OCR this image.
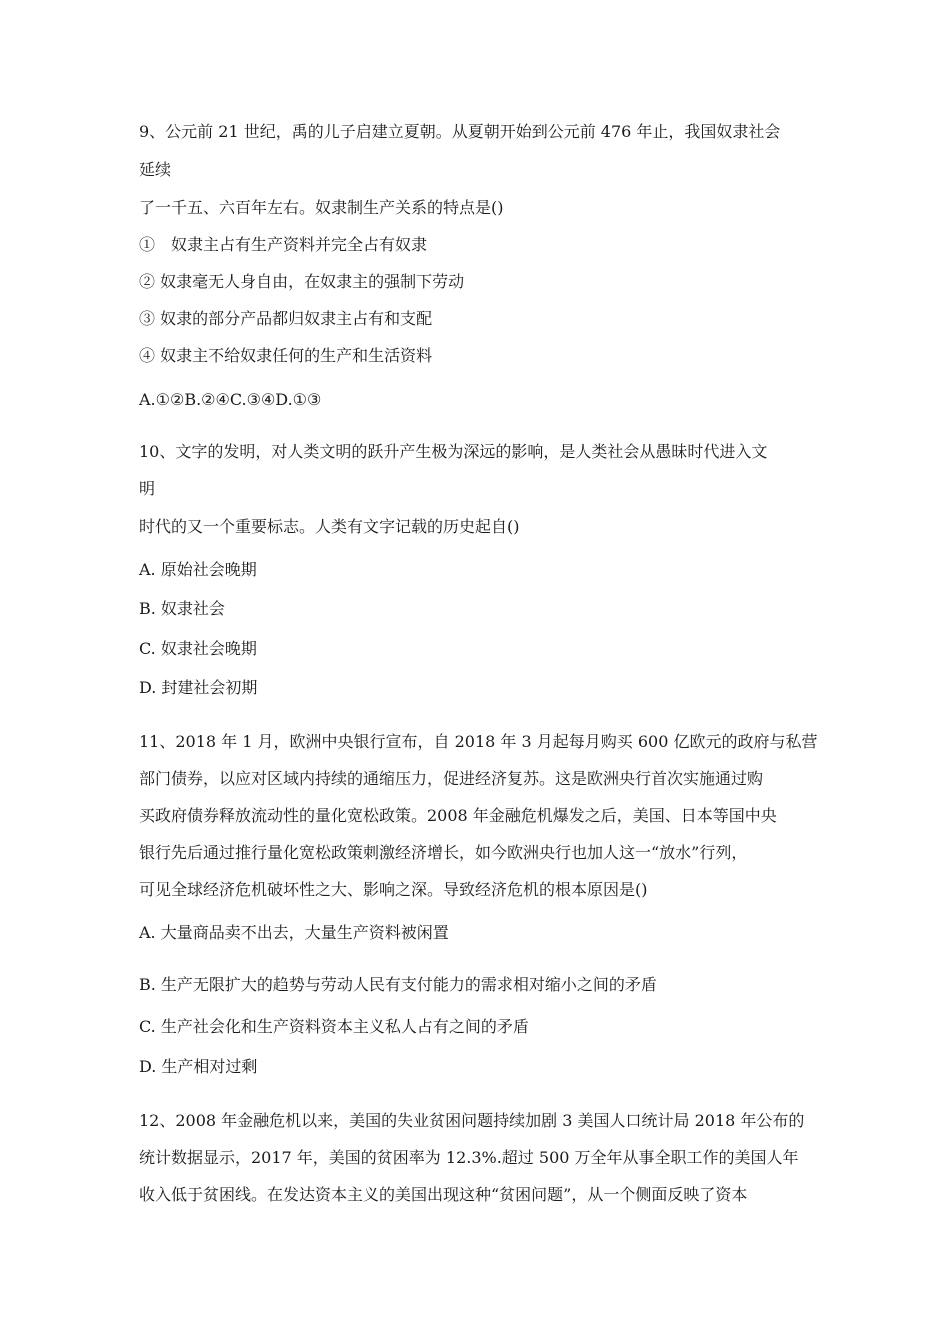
9、公元前 21 世纪，禹的儿子启建立夏朝。从夏朝开始到公元前 476 年止，我国奴隶社会
延续
了一千五、六百年左右。奴隶制生产关系的特点是()
①　奴隶主占有生产资料并完全占有奴隶
② 奴隶毫无人身自由，在奴隶主的强制下劳动
③ 奴隶的部分产品都归奴隶主占有和支配
④ 奴隶主不给奴隶任何的生产和生活资料
A.①②B.②④C.③④D.①③
10、文字的发明，对人类文明的跃升产生极为深远的影响，是人类社会从愚昧时代进入文
明
时代的又一个重要标志。人类有文字记载的历史起自()
A. 原始社会晚期
B. 奴隶社会
C. 奴隶社会晚期
D. 封建社会初期
11、2018 年 1 月，欧洲中央银行宣布，自 2018 年 3 月起每月购买 600 亿欧元的政府与私营
部门债券，以应对区域内持续的通缩压力，促进经济复苏。这是欧洲央行首次实施通过购
买政府债券释放流动性的量化宽松政策。2008 年金融危机爆发之后，美国、日本等国中央
银行先后通过推行量化宽松政策刺激经济增长，如今欧洲央行也加人这一“放水”行列，
可见全球经济危机破坏性之大、影响之深。导致经济危机的根本原因是()
A. 大量商品卖不出去，大量生产资料被闲置
B. 生产无限扩大的趋势与劳动人民有支付能力的需求相对缩小之间的矛盾
C. 生产社会化和生产资料资本主义私人占有之间的矛盾
D. 生产相对过剩
12、2008 年金融危机以来，美国的失业贫困问题持续加剧 3 美国人口统计局 2018 年公布的
统计数据显示，2017 年，美国的贫困率为 12.3%.超过 500 万全年从事全职工作的美国人年
收入低于贫困线。在发达资本主义的美国出现这种“贫困问题”，从一个侧面反映了资本
